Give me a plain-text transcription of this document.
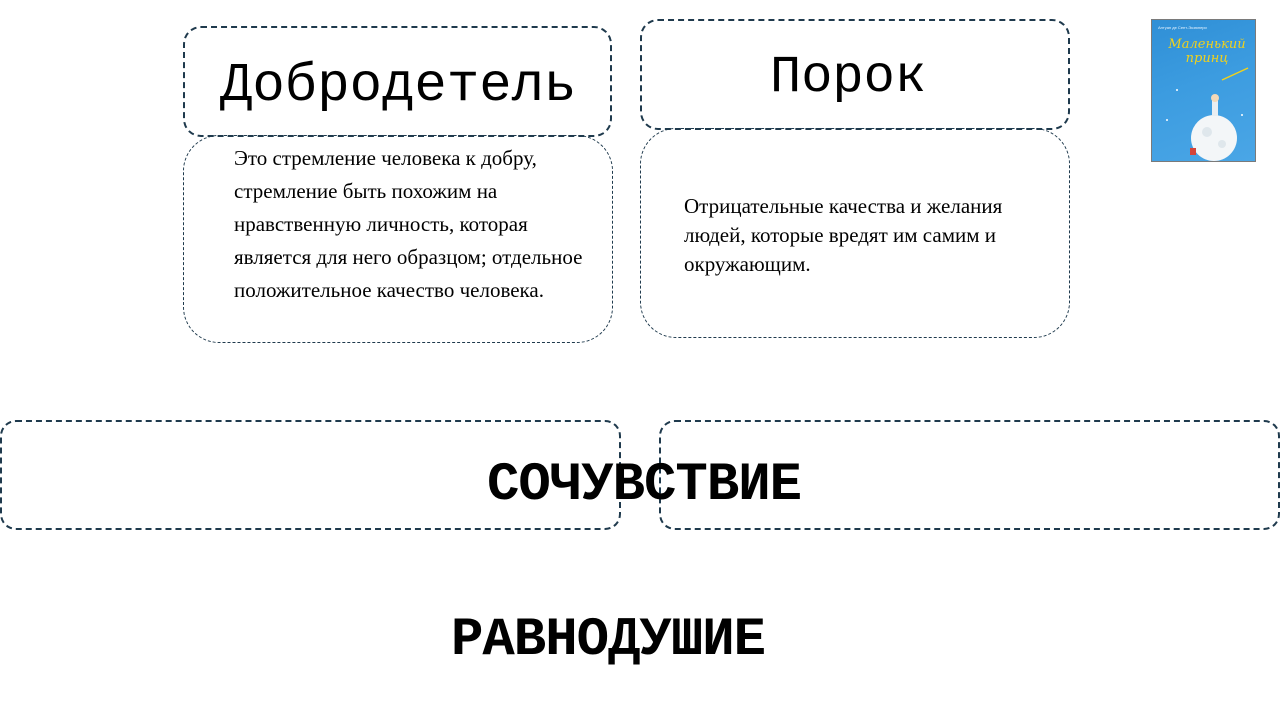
Добродетель
Это стремление человека к добру, стремление быть похожим на нравственную личность, которая является для него образцом; отдельное положительное качество человека.
Порок
Отрицательные качества и желания людей, которые вредят им самим и окружающим.
СОЧУВСТВИЕ
РАВНОДУШИЕ
Антуан де Сент-Экзюпери
Маленький принц
